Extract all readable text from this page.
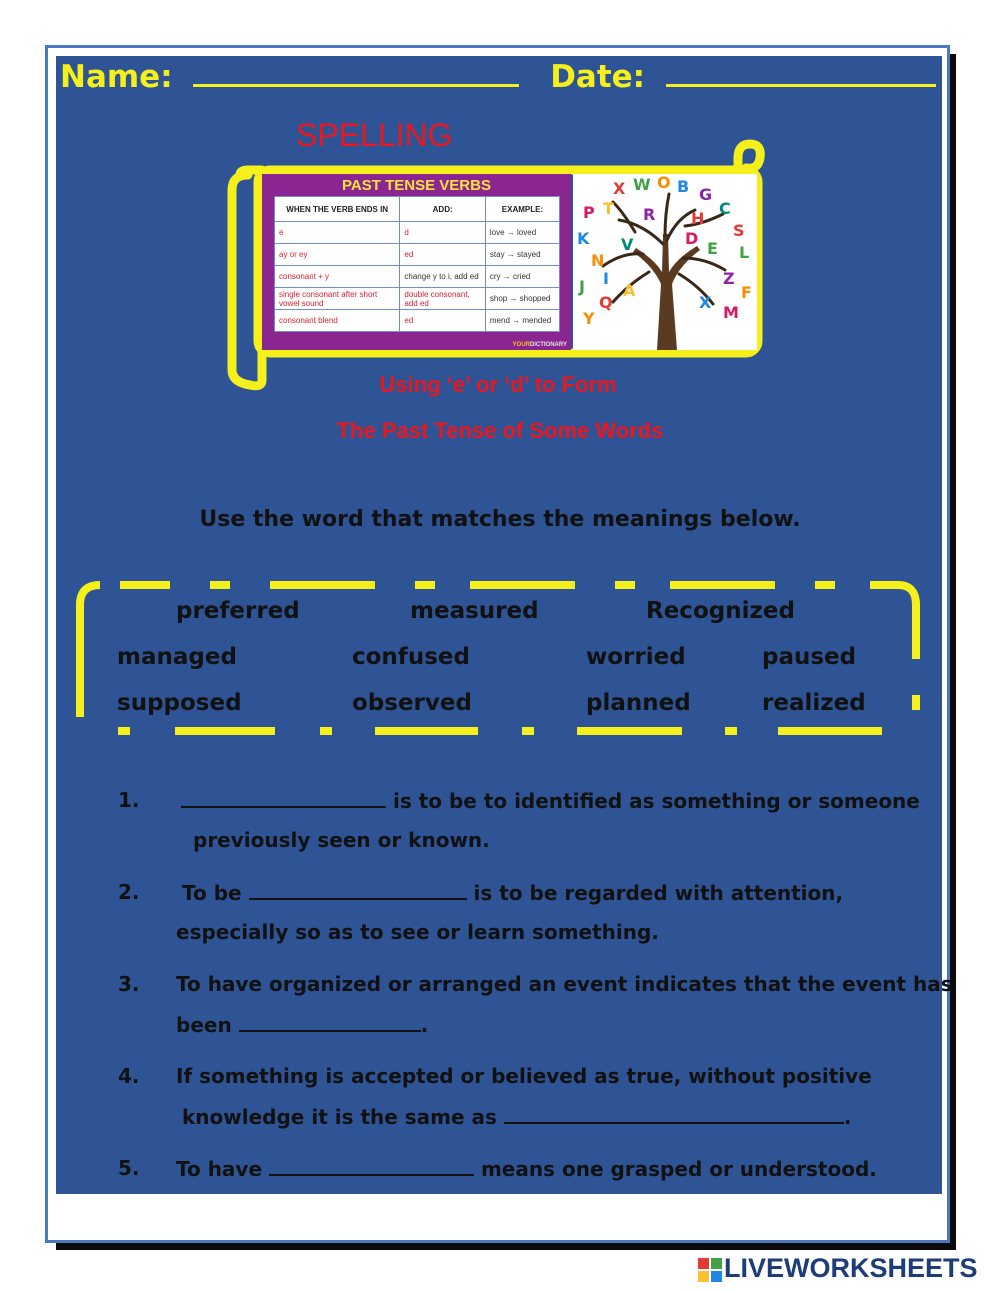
Name:	Date:
SPELLING
PAST TENSE VERBS
WHEN THE VERB ENDS IN	ADD:	EXAMPLE:
e	d	love → loved
ay or ey	ed	stay → stayed
consonant + y	change y to i, add ed	cry → cried
single consonant after short vowel sound	double consonant, add ed	shop → shopped
consonant blend	ed	mend → mended
YOURDICTIONARY
X W O B G
C
P T
S
L
K
N
Z
F
J
Q
A
X
V	D
E
R H
M
Y
I
Using ‘e’ or ‘d’ to Form
The Past Tense of Some Words
Use the word that matches the meanings below.
preferred	measured	Recognized
managed	confused	worried	paused
supposed	observed	planned	realized
1.	is to be to identified as something or someone
previously seen or known.
2. To be	is to be regarded with attention,
especially so as to see or learn something.
3. To have organized or arranged an event indicates that the event has
been	.
4. If something is accepted or believed as true, without positive
knowledge it is the same as	.
5. To have	means one grasped or understood.
LIVEWORKSHEETS
